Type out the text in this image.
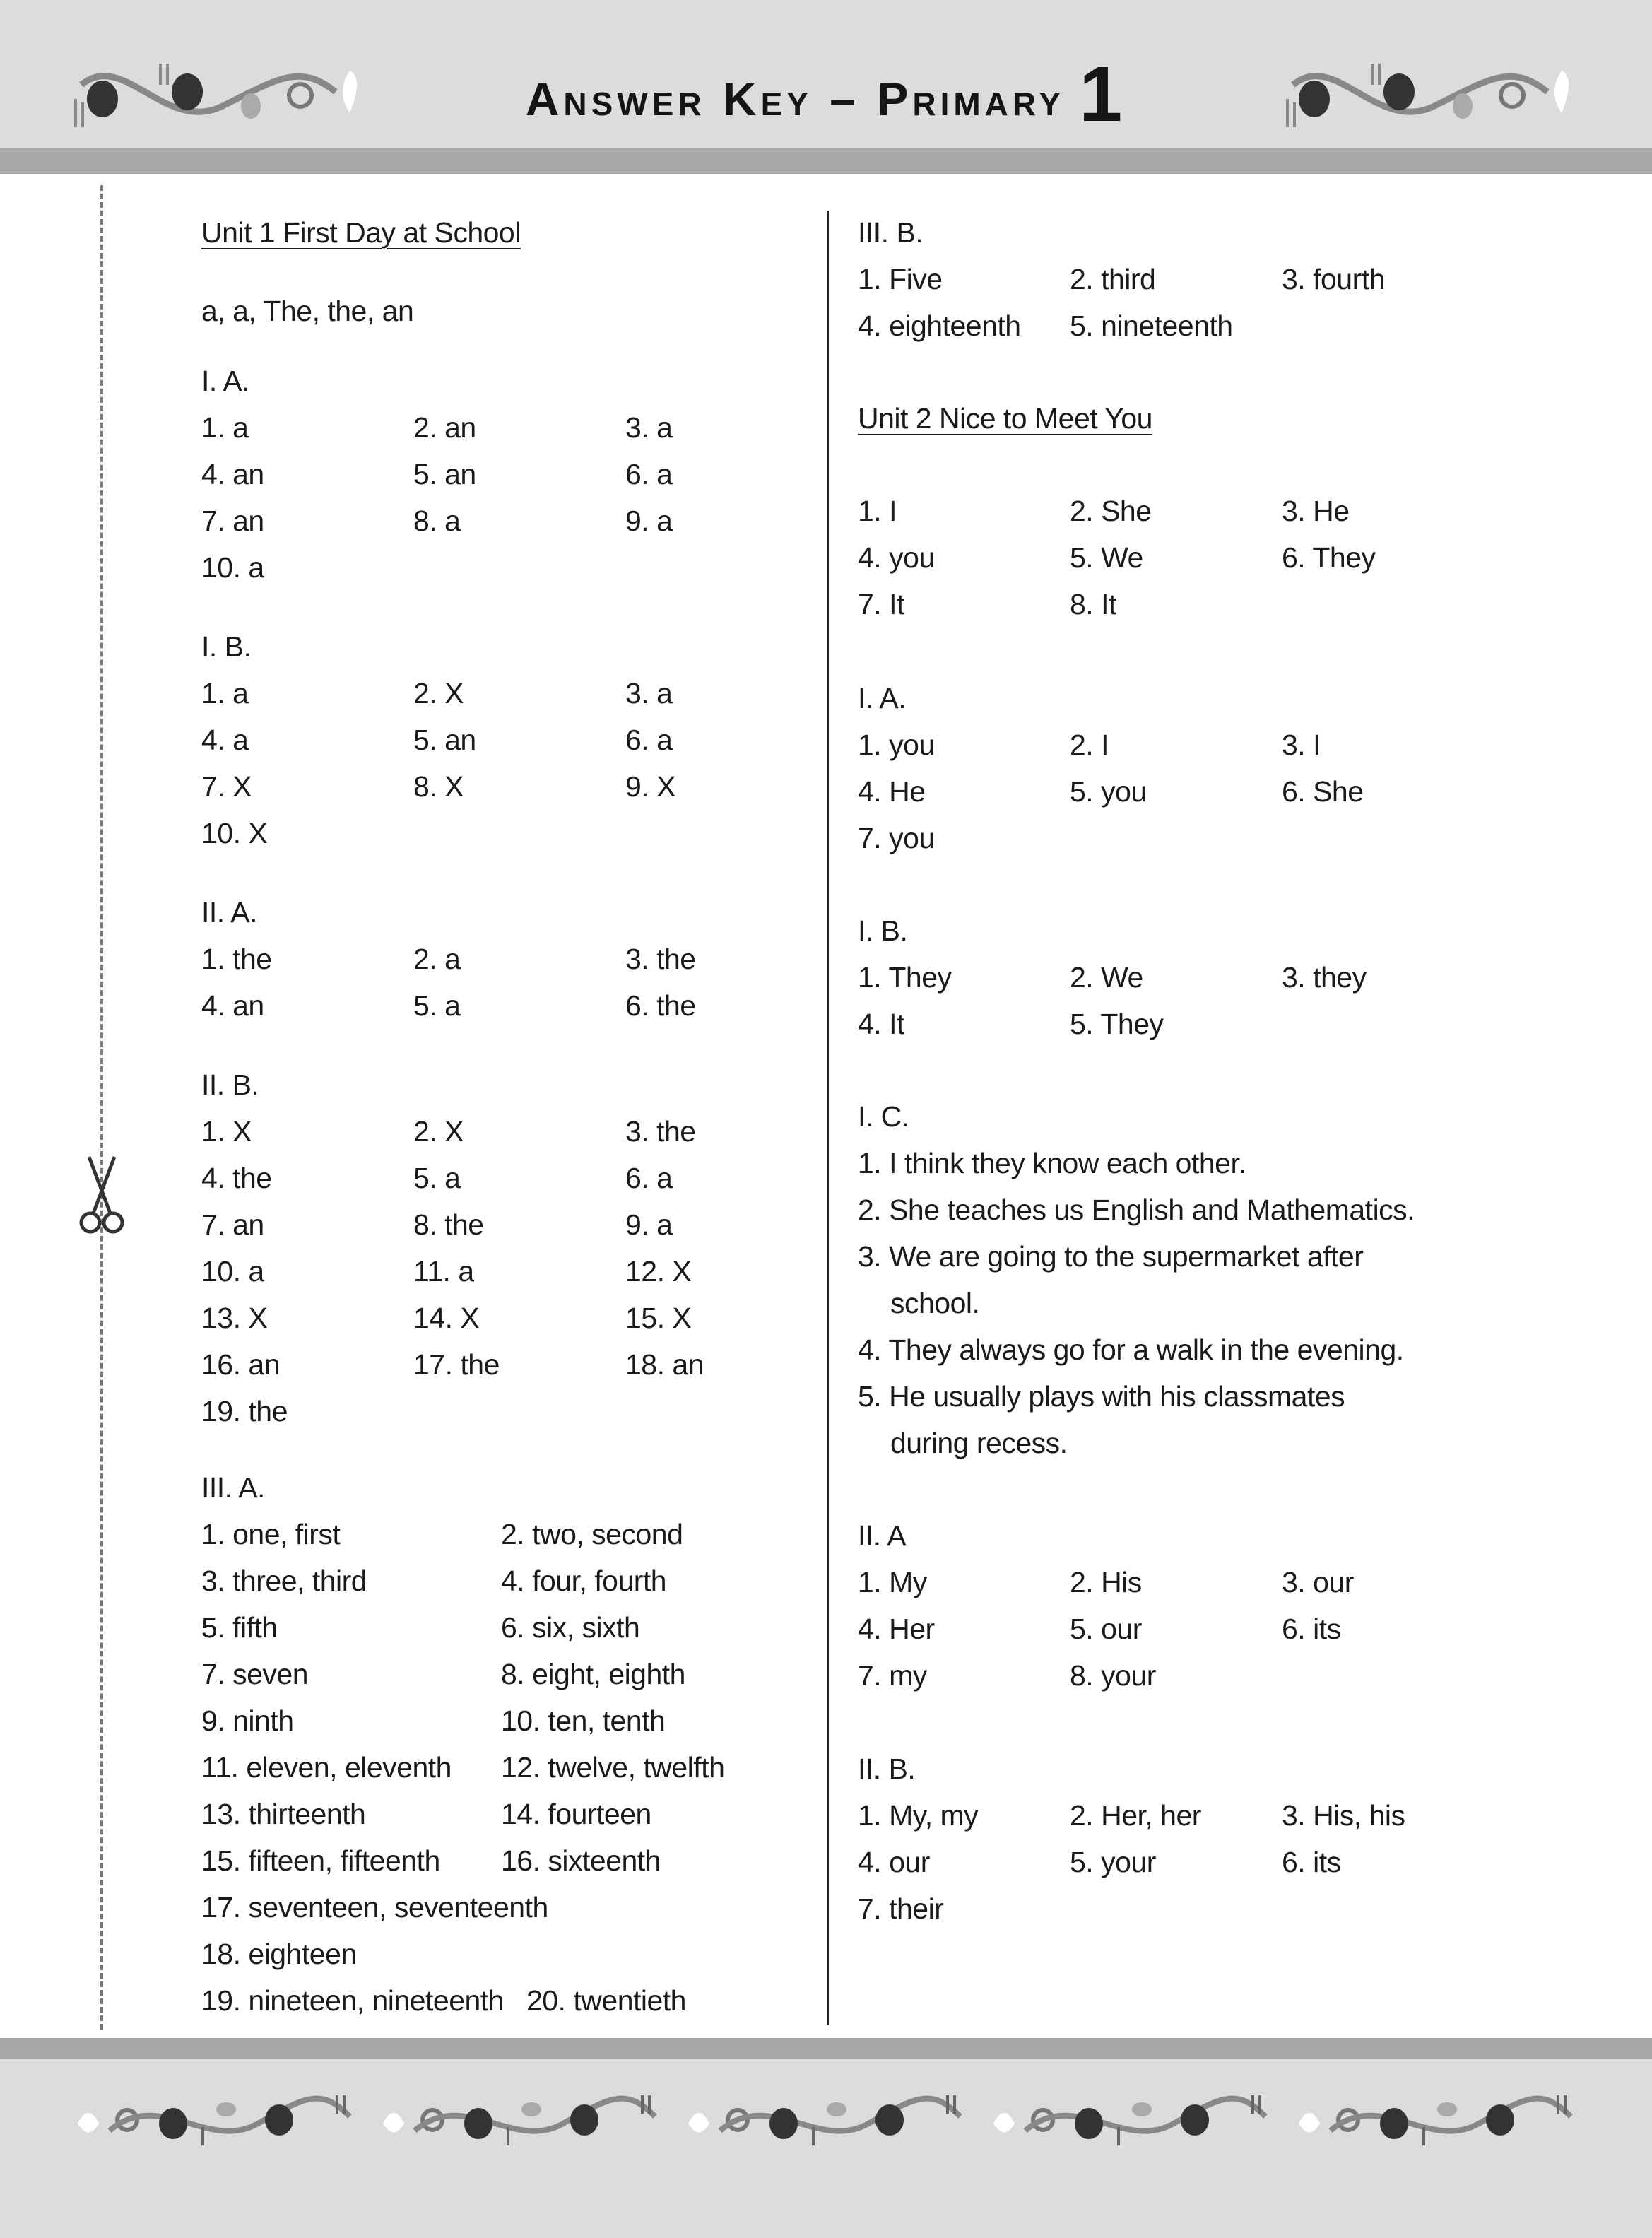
Answer Key – Primary 1
Unit 1 First Day at School
a, a, The, the, an
I. A.
1. a	2. an	3. a
4. an	5. an	6. a
7. an	8. a	9. a
10. a
I. B.
1. a	2. X	3. a
4. a	5. an	6. a
7. X	8. X	9. X
10. X
II. A.
1. the	2. a	3. the
4. an	5. a	6. the
II. B.
1. X	2. X	3. the
4. the	5. a	6. a
7. an	8. the	9. a
10. a	11. a	12. X
13. X	14. X	15. X
16. an	17. the	18. an
19. the
III. A.
1. one, first	2. two, second
3. three, third	4. four, fourth
5. fifth	6. six, sixth
7. seven	8. eight, eighth
9. ninth	10. ten, tenth
11. eleven, eleventh	12. twelve, twelfth
13. thirteenth	14. fourteen
15. fifteen, fifteenth	16. sixteenth
17. seventeen, seventeenth

18. eighteen

19. nineteen, nineteenth 20. twentieth
III. B.
1. Five	2. third	3. fourth
4. eighteenth	5. nineteenth
Unit 2 Nice to Meet You
1. I	2. She	3. He
4. you	5. We	6. They
7. It	8. It
I. A.
1. you	2. I	3. I
4. He	5. you	6. She
7. you
I. B.
1. They	2. We	3. they
4. It	5. They
I. C.
1. I think they know each other.
2. She teaches us English and Mathematics.
3. We are going to the supermarket after
school.
4. They always go for a walk in the evening.
5. He usually plays with his classmates
during recess.
II. A
1. My	2. His	3. our
4. Her	5. our	6. its
7. my	8. your
II. B.
1. My, my	2. Her, her	3. His, his
4. our	5. your	6. its
7. their
